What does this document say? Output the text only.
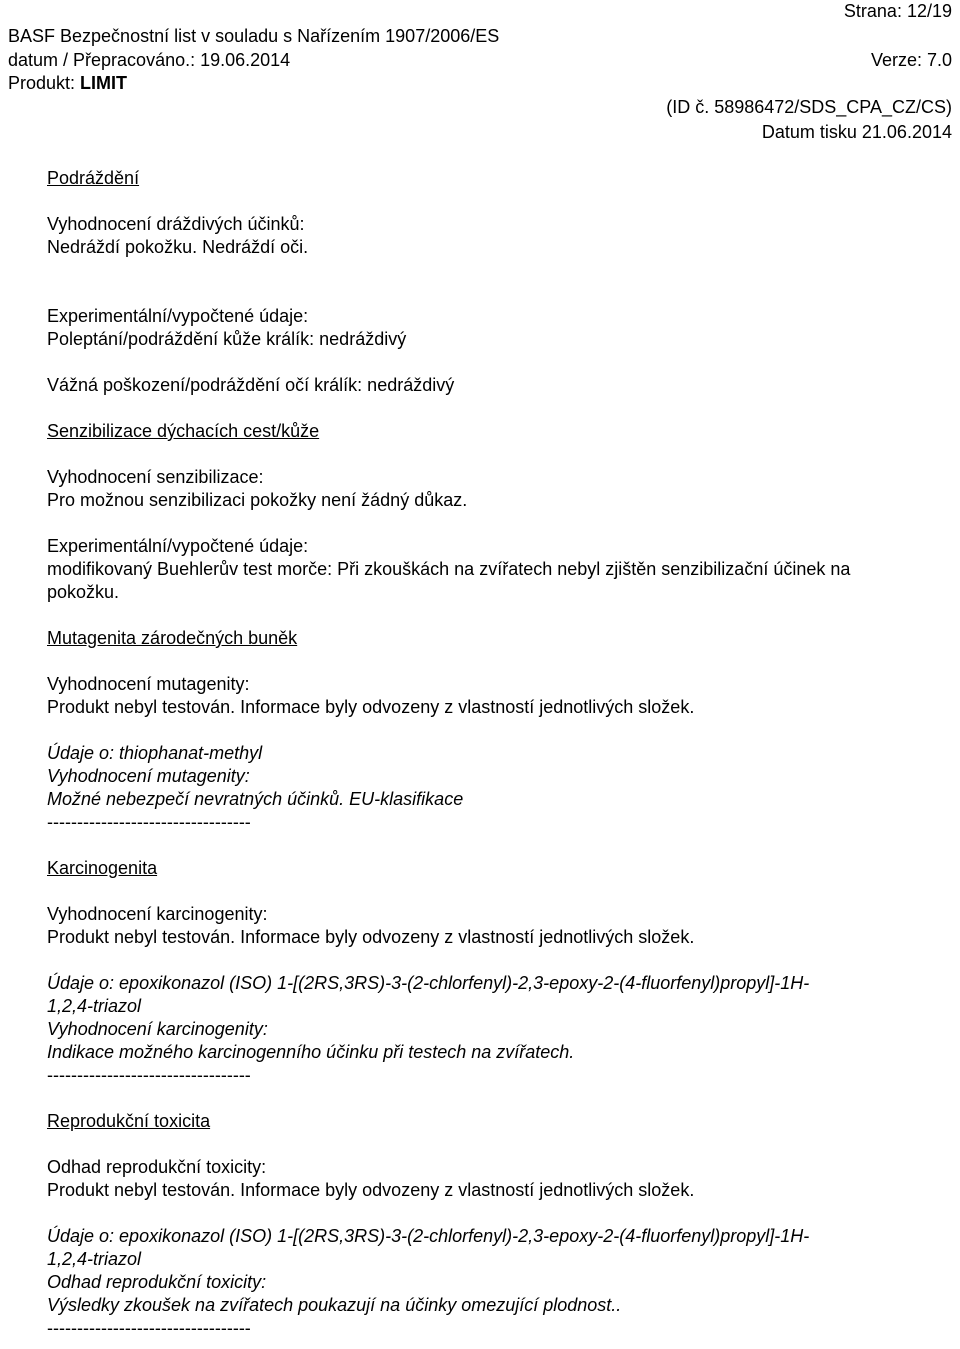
Strana: 12/19
BASF Bezpečnostní list v souladu s Nařízením 1907/2006/ES
datum / Přepracováno.: 19.06.2014	Verze: 7.0
Produkt: LIMIT
(ID č. 58986472/SDS_CPA_CZ/CS)
Datum tisku 21.06.2014
Podráždění
Vyhodnocení dráždivých účinků:
Nedráždí pokožku. Nedráždí oči.
Experimentální/vypočtené údaje:
Poleptání/podráždění kůže králík: nedráždivý
Vážná poškození/podráždění očí králík: nedráždivý
Senzibilizace dýchacích cest/kůže
Vyhodnocení senzibilizace:
Pro možnou senzibilizaci pokožky není žádný důkaz.
Experimentální/vypočtené údaje:
modifikovaný Buehlerův test morče: Při zkouškách na zvířatech nebyl zjištěn senzibilizační účinek na
pokožku.
Mutagenita zárodečných buněk
Vyhodnocení mutagenity:
Produkt nebyl testován. Informace byly odvozeny z vlastností jednotlivých složek.
Údaje o: thiophanat-methyl
Vyhodnocení mutagenity:
Možné nebezpečí nevratných účinků. EU-klasifikace
----------------------------------
Karcinogenita
Vyhodnocení karcinogenity:
Produkt nebyl testován. Informace byly odvozeny z vlastností jednotlivých složek.
Údaje o: epoxikonazol (ISO) 1-[(2RS,3RS)-3-(2-chlorfenyl)-2,3-epoxy-2-(4-fluorfenyl)propyl]-1H-
1,2,4-triazol
Vyhodnocení karcinogenity:
Indikace možného karcinogenního účinku při testech na zvířatech.
----------------------------------
Reprodukční toxicita
Odhad reprodukční toxicity:
Produkt nebyl testován. Informace byly odvozeny z vlastností jednotlivých složek.
Údaje o: epoxikonazol (ISO) 1-[(2RS,3RS)-3-(2-chlorfenyl)-2,3-epoxy-2-(4-fluorfenyl)propyl]-1H-
1,2,4-triazol
Odhad reprodukční toxicity:
Výsledky zkoušek na zvířatech poukazují na účinky omezující plodnost..
----------------------------------
